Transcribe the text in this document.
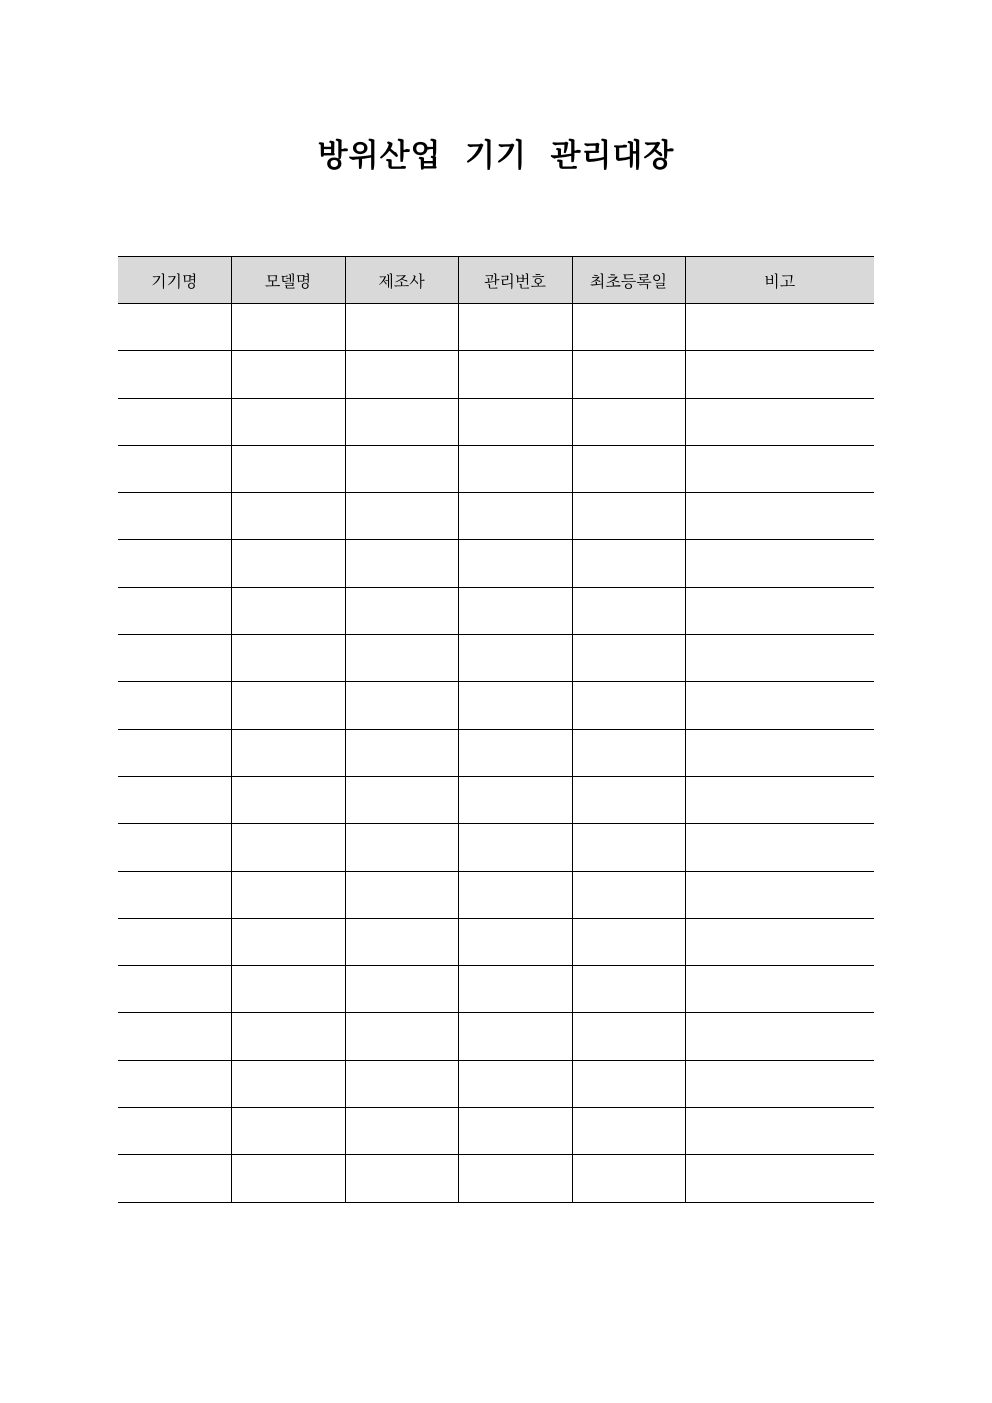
방위산업  기기  관리대장
기기명	모델명	제조사	관리번호	최초등록일	비고
